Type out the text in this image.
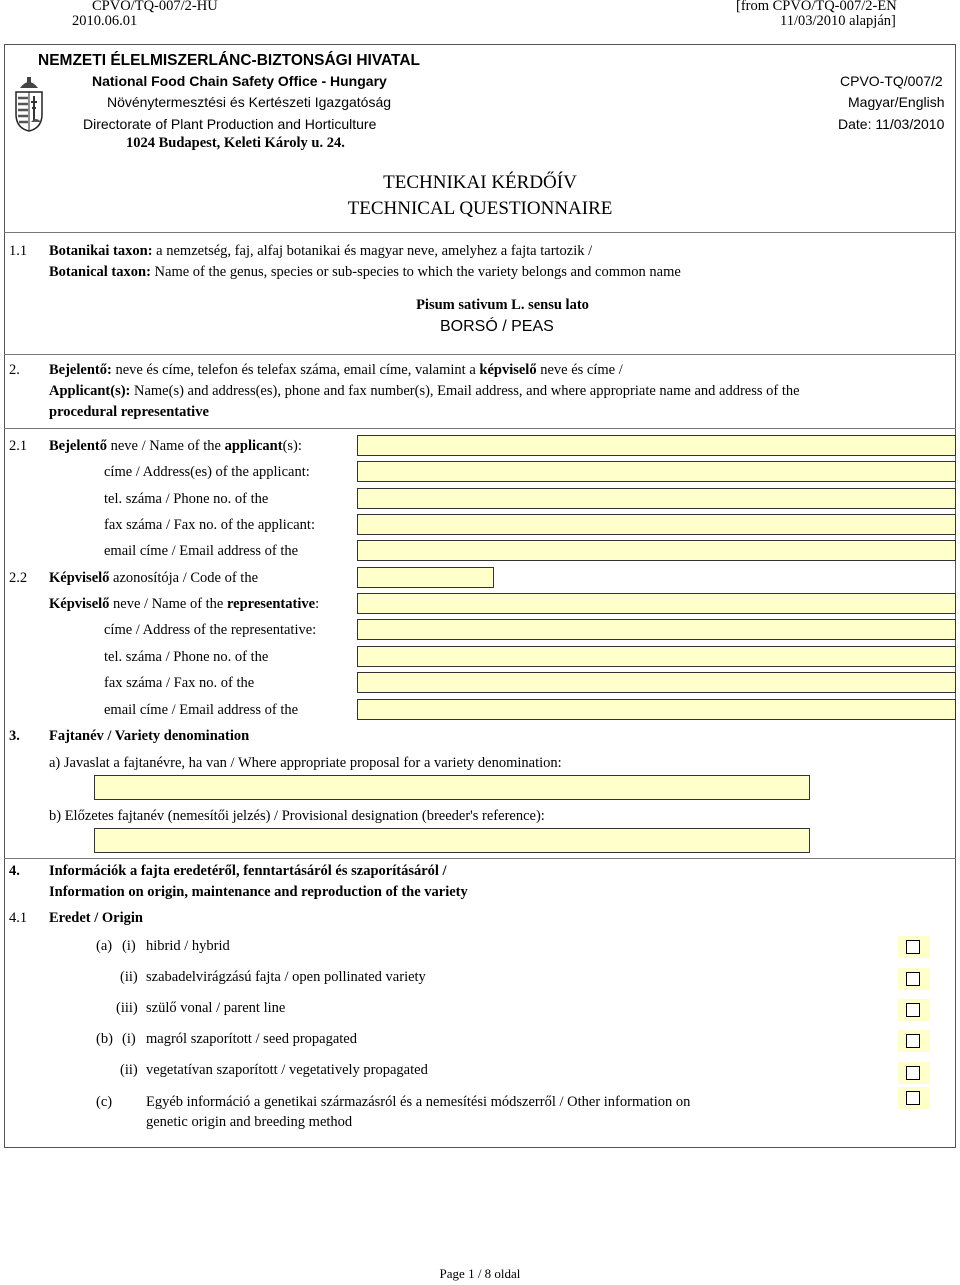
CPVO/TQ-007/2-HU
2010.06.01
[from CPVO/TQ-007/2-EN
11/03/2010 alapján]
NEMZETI ÉLELMISZERLÁNC-BIZTONSÁGI HIVATAL
National Food Chain Safety Office - Hungary
Növénytermesztési és Kertészeti Igazgatóság
Directorate of Plant Production and Horticulture
1024 Budapest, Keleti Károly u. 24.
CPVO-TQ/007/2
Magyar/English
Date: 11/03/2010
TECHNIKAI KÉRDŐÍV
TECHNICAL QUESTIONNAIRE
1.1 Botanikai taxon: a nemzetség, faj, alfaj botanikai és magyar neve, amelyhez a fajta tartozik /
Botanical taxon: Name of the genus, species or sub-species to which the variety belongs and common name
Pisum sativum L. sensu lato
BORSÓ / PEAS
2. Bejelentő: neve és címe, telefon és telefax száma, email címe, valamint a képviselő neve és címe /
Applicant(s): Name(s) and address(es), phone and fax number(s), Email address, and where appropriate name and address of the
procedural representative
2.1 Bejelentő neve / Name of the applicant(s):
címe / Address(es) of the applicant:
tel. száma / Phone no. of the
fax száma / Fax no. of the applicant:
email címe / Email address of the
2.2 Képviselő azonosítója / Code of the
Képviselő neve / Name of the representative:
címe / Address of the representative:
tel. száma / Phone no. of the
fax száma / Fax no. of the
email címe / Email address of the
3. Fajtanév / Variety denomination
a) Javaslat a fajtanévre, ha van / Where appropriate proposal for a variety denomination:
b) Előzetes fajtanév (nemesítői jelzés) / Provisional designation (breeder's reference):
4. Információk a fajta eredetéről, fenntartásáról és szaporításáról /
Information on origin, maintenance and reproduction of the variety
4.1 Eredet / Origin
(a) (i) hibrid / hybrid
(ii) szabadelvirágzású fajta / open pollinated variety
(iii) szülő vonal / parent line
(b) (i) magról szaporított / seed propagated
(ii) vegetatívan szaporított / vegetatively propagated
(c) Egyéb információ a genetikai származásról és a nemesítési módszerről / Other information on
genetic origin and breeding method
Page 1 / 8 oldal
